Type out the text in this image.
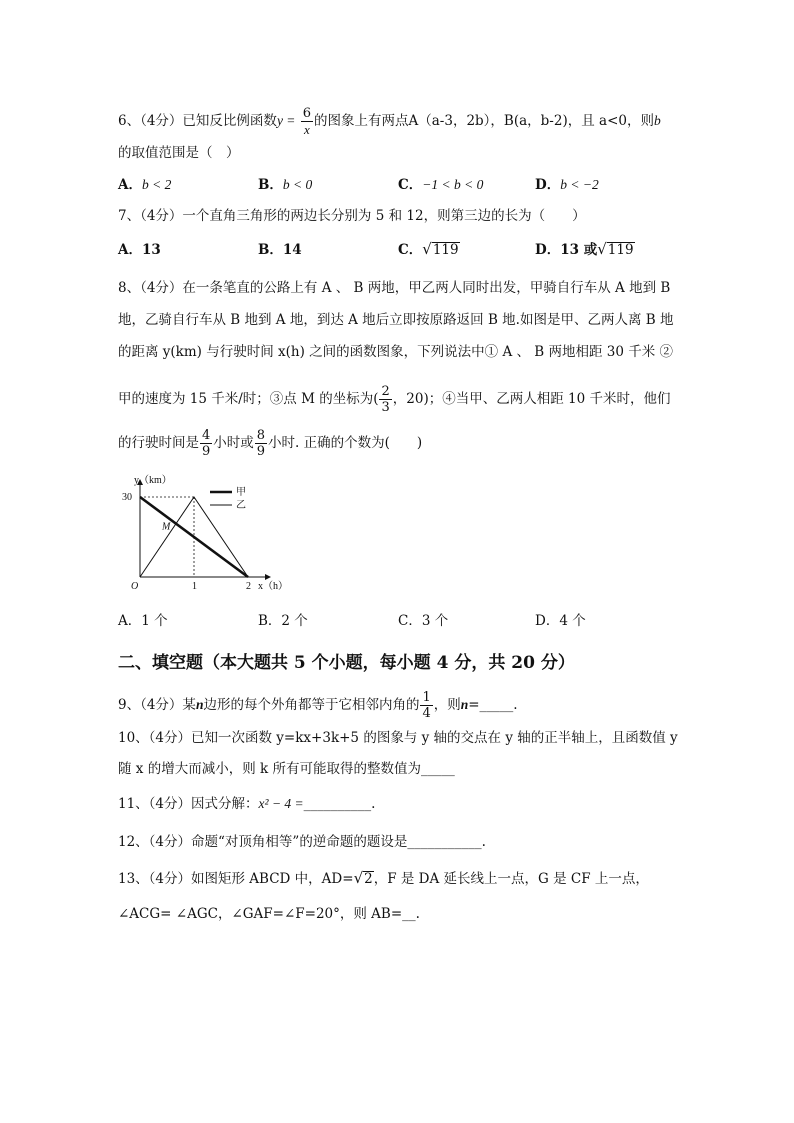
6、（4分）已知反比例函数$y = \frac{6}{x}$ 的图象上有两点A（a-3，2b），B(a，b-2)，且 a<0，则b
的取值范围是（　）
A．b < 2	B．b < 0	C．−1 < b < 0	D．b < −2
7、（4分）一个直角三角形的两边长分别为 5 和 12，则第三边的长为（　　）
A．13	B．14	C． √ 119	D．13 或 √ 119
8、（4分）在一条笔直的公路上有 A 、 B 两地，甲乙两人同时出发，甲骑自行车从 A 地到 B
地，乙骑自行车从 B 地到 A 地，到达 A 地后立即按原路返回 B 地.如图是甲、乙两人离 B 地
的距离 y(km) 与行驶时间 x(h) 之间的函数图象，下列说法中① A 、 B 两地相距 30 千米 ②
甲的速度为 15 千米/时；③点 M 的坐标为( $\frac{2}{3}$ ，20)；④当甲、乙两人相距 10 千米时，他们
的行驶时间是 $\frac{4}{9}$ 小时或 $\frac{8}{9}$ 小时. 正确的个数为(　　)
y（km）
x（h）
O	1	2
30
M
甲
乙
A．1 个	B．2 个	C．3 个	D．4 个
二、填空题（本大题共 5 个小题，每小题 4 分，共 20 分）
9、（4分）某n边形的每个外角都等于它相邻内角的 $\frac{1}{4}$ ，则n=_____.
10、（4分）已知一次函数 y=kx+3k+5 的图象与 y 轴的交点在 y 轴的正半轴上，且函数值 y
随 x 的增大而减小，则 k 所有可能取得的整数值为_____
11、（4分）因式分解：x² − 4 =__________.
12、（4分）命题“对顶角相等”的逆命题的题设是___________.
13、（4分）如图矩形 ABCD 中，AD= √ 2 ，F 是 DA 延长线上一点，G 是 CF 上一点，
∠ACG= ∠AGC，∠GAF=∠F=20°，则 AB=__.
